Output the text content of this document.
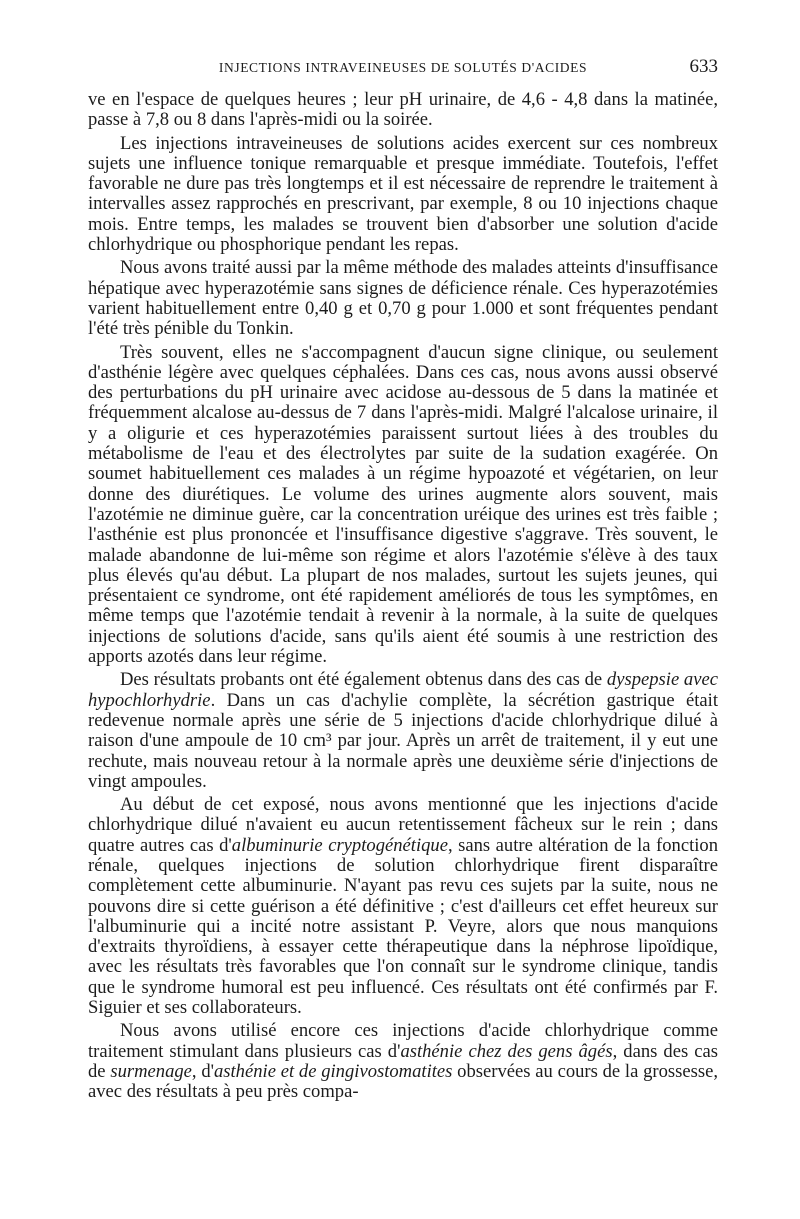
INJECTIONS INTRAVEINEUSES DE SOLUTÉS D'ACIDES	633

ve en l'espace de quelques heures ; leur pH urinaire, de 4,6 - 4,8 dans la matinée, passe à 7,8 ou 8 dans l'après-midi ou la soirée.

Les injections intraveineuses de solutions acides exercent sur ces nombreux sujets une influence tonique remarquable et presque immédiate. Toutefois, l'effet favorable ne dure pas très longtemps et il est nécessaire de reprendre le traitement à intervalles assez rapprochés en prescrivant, par exemple, 8 ou 10 injections chaque mois. Entre temps, les malades se trouvent bien d'absorber une solution d'acide chlorhydrique ou phosphorique pendant les repas.

Nous avons traité aussi par la même méthode des malades atteints d'insuffisance hépatique avec hyperazotémie sans signes de déficience rénale. Ces hyperazotémies varient habituellement entre 0,40 g et 0,70 g pour 1.000 et sont fréquentes pendant l'été très pénible du Tonkin.

Très souvent, elles ne s'accompagnent d'aucun signe clinique, ou seulement d'asthénie légère avec quelques céphalées. Dans ces cas, nous avons aussi observé des perturbations du pH urinaire avec acidose au-dessous de 5 dans la matinée et fréquemment alcalose au-dessus de 7 dans l'après-midi. Malgré l'alcalose urinaire, il y a oligurie et ces hyperazotémies paraissent surtout liées à des troubles du métabolisme de l'eau et des électrolytes par suite de la sudation exagérée. On soumet habituellement ces malades à un régime hypoazoté et végétarien, on leur donne des diurétiques. Le volume des urines augmente alors souvent, mais l'azotémie ne diminue guère, car la concentration uréique des urines est très faible ; l'asthénie est plus prononcée et l'insuffisance digestive s'aggrave. Très souvent, le malade abandonne de lui-même son régime et alors l'azotémie s'élève à des taux plus élevés qu'au début. La plupart de nos malades, surtout les sujets jeunes, qui présentaient ce syndrome, ont été rapidement améliorés de tous les symptômes, en même temps que l'azotémie tendait à revenir à la normale, à la suite de quelques injections de solutions d'acide, sans qu'ils aient été soumis à une restriction des apports azotés dans leur régime.

Des résultats probants ont été également obtenus dans des cas de dyspepsie avec hypochlorhydrie. Dans un cas d'achylie complète, la sécrétion gastrique était redevenue normale après une série de 5 injections d'acide chlorhydrique dilué à raison d'une ampoule de 10 cm³ par jour. Après un arrêt de traitement, il y eut une rechute, mais nouveau retour à la normale après une deuxième série d'injections de vingt ampoules.

Au début de cet exposé, nous avons mentionné que les injections d'acide chlorhydrique dilué n'avaient eu aucun retentissement fâcheux sur le rein ; dans quatre autres cas d'albuminurie cryptogénétique, sans autre altération de la fonction rénale, quelques injections de solution chlorhydrique firent disparaître complètement cette albuminurie. N'ayant pas revu ces sujets par la suite, nous ne pouvons dire si cette guérison a été définitive ; c'est d'ailleurs cet effet heureux sur l'albuminurie qui a incité notre assistant P. Veyre, alors que nous manquions d'extraits thyroïdiens, à essayer cette thérapeutique dans la néphrose lipoïdique, avec les résultats très favorables que l'on connaît sur le syndrome clinique, tandis que le syndrome humoral est peu influencé. Ces résultats ont été confirmés par F. Siguier et ses collaborateurs.

Nous avons utilisé encore ces injections d'acide chlorhydrique comme traitement stimulant dans plusieurs cas d'asthénie chez des gens âgés, dans des cas de surmenage, d'asthénie et de gingivostomatites observées au cours de la grossesse, avec des résultats à peu près compa-
